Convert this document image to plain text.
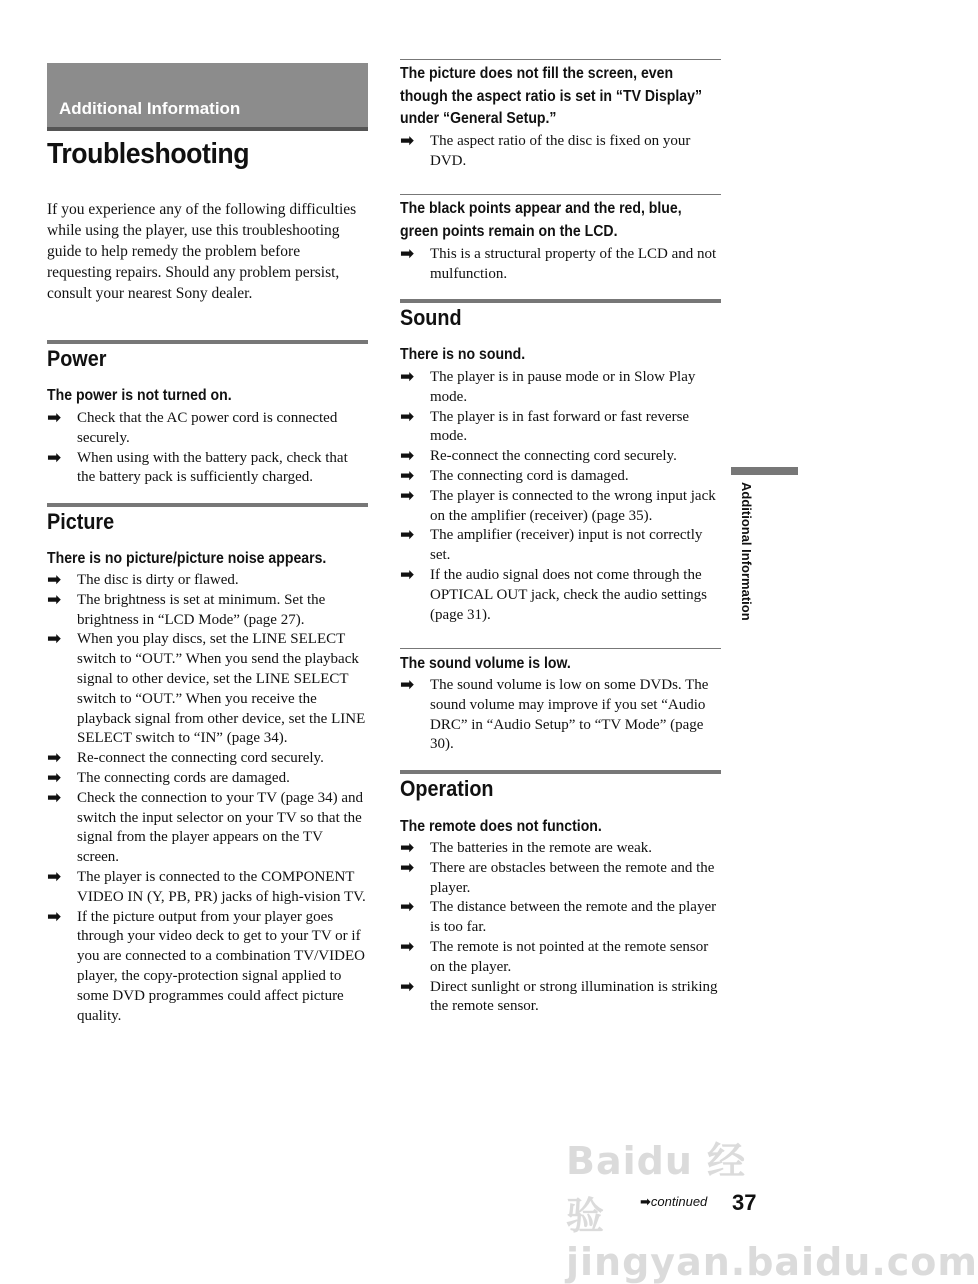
Additional Information
Troubleshooting

If you experience any of the following difficulties while using the player, use this troubleshooting guide to help remedy the problem before requesting repairs. Should any problem persist, consult your nearest Sony dealer.

Power
The power is not turned on.
➡ Check that the AC power cord is connected securely.
➡ When using with the battery pack, check that the battery pack is sufficiently charged.
Picture
There is no picture/picture noise appears.
➡ The disc is dirty or flawed.
➡ The brightness is set at minimum. Set the brightness in “LCD Mode” (page 27).
➡ When you play discs, set the LINE SELECT switch to “OUT.” When you send the playback signal to other device, set the LINE SELECT switch to “OUT.” When you receive the playback signal from other device, set the LINE SELECT switch to “IN” (page 34).
➡ Re-connect the connecting cord securely.
➡ The connecting cords are damaged.
➡ Check the connection to your TV (page 34) and switch the input selector on your TV so that the signal from the player appears on the TV screen.
➡ The player is connected to the COMPONENT VIDEO IN (Y, PB, PR) jacks of high-vision TV.
➡ If the picture output from your player goes through your video deck to get to your TV or if you are connected to a combination TV/VIDEO player, the copy-protection signal applied to some DVD programmes could affect picture quality.
The picture does not fill the screen, even though the aspect ratio is set in “TV Display” under “General Setup.”
➡ The aspect ratio of the disc is fixed on your DVD.
The black points appear and the red, blue, green points remain on the LCD.
➡ This is a structural property of the LCD and not mulfunction.
Sound
There is no sound.
➡ The player is in pause mode or in Slow Play mode.
➡ The player is in fast forward or fast reverse mode.
➡ Re-connect the connecting cord securely.
➡ The connecting cord is damaged.
➡ The player is connected to the wrong input jack on the amplifier (receiver) (page 35).
➡ The amplifier (receiver) input is not correctly set.
➡ If the audio signal does not come through the OPTICAL OUT jack, check the audio settings (page 31).
The sound volume is low.
➡ The sound volume is low on some DVDs. The sound volume may improve if you set “Audio DRC” in “Audio Setup” to “TV Mode” (page 30).
Operation
The remote does not function.
➡ The batteries in the remote are weak.
➡ There are obstacles between the remote and the player.
➡ The distance between the remote and the player is too far.
➡ The remote is not pointed at the remote sensor on the player.
➡ Direct sunlight or strong illumination is striking the remote sensor.
Additional Information
Baidu 经验 jingyan.baidu.com
➡continued 37
